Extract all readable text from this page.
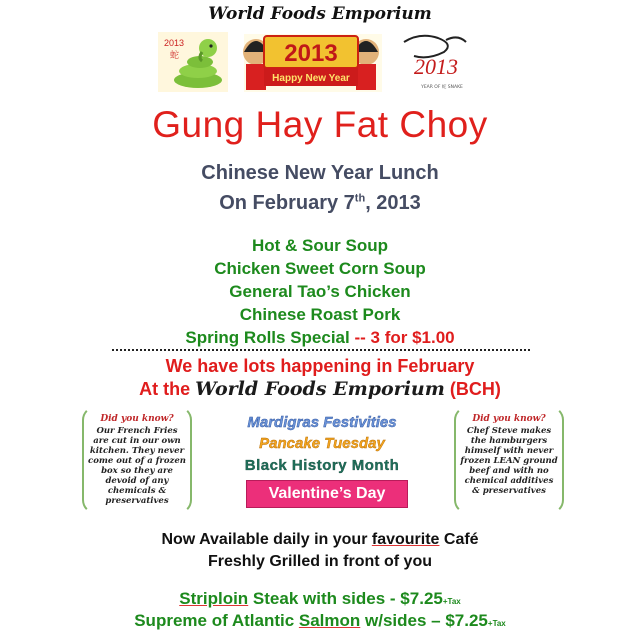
World Foods Emporium
2013
蛇	2013
Happy New Year	2013
YEAR OF 蛇 SNAKE
Gung Hay Fat Choy
Chinese New Year Lunch
On February 7th, 2013
Hot & Sour Soup
Chicken Sweet Corn Soup
General Tao’s Chicken
Chinese Roast Pork
Spring Rolls Special -- 3 for $1.00
We have lots happening in February
At the World Foods Emporium (BCH)
Did you know?
Our French Fries are cut in our own kitchen. They never come out of a frozen box so they are devoid of any chemicals & preservatives
Did you know?
Chef Steve makes the hamburgers himself with never frozen LEAN ground beef and with no chemical additives & preservatives
Mardigras Festivities
Pancake Tuesday
Black History Month
Valentine’s Day
Now Available daily in your favourite Café
Freshly Grilled in front of you
Striploin Steak with sides - $7.25+Tax
Supreme of Atlantic Salmon w/sides – $7.25+Tax
